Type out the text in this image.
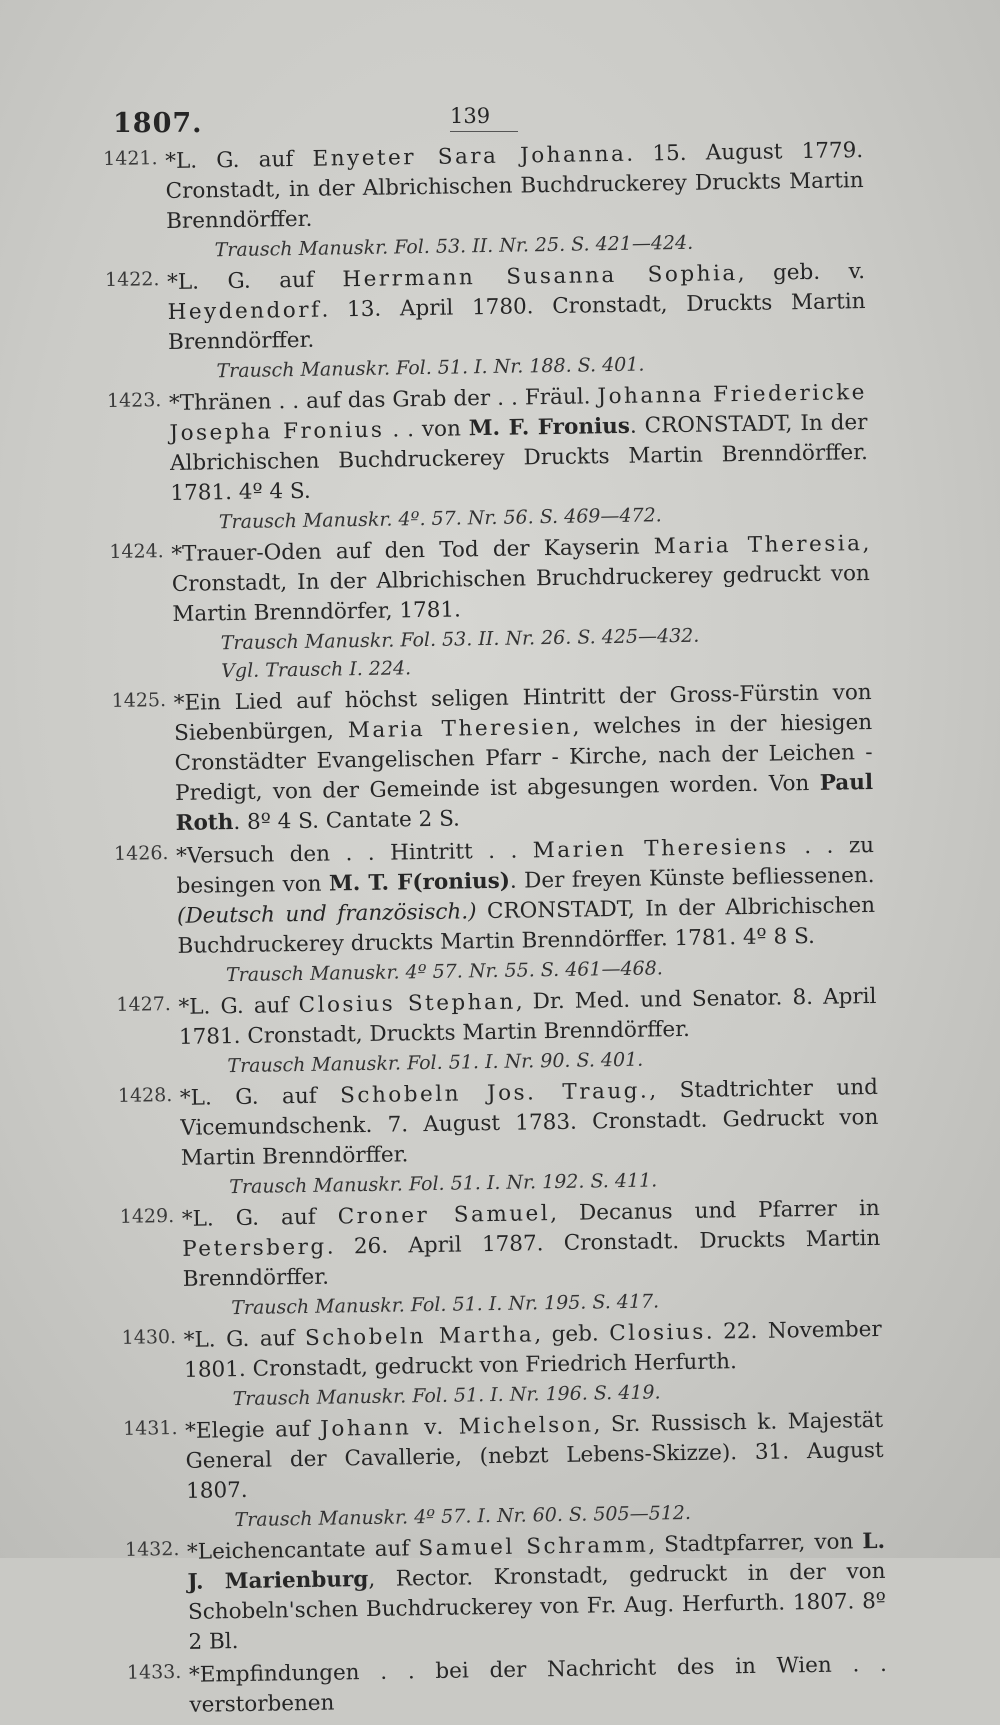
1807.	139
1421. *L. G. auf Enyeter Sara Johanna. 15. August 1779. Cronstadt, in der Albrichischen Buchdruckerey Druckts Martin Brenndörffer.
Trausch Manuskr. Fol. 53. II. Nr. 25. S. 421—424.
1422. *L. G. auf Herrmann Susanna Sophia, geb. v. Heydendorf. 13. April 1780. Cronstadt, Druckts Martin Brenndörffer.
Trausch Manuskr. Fol. 51. I. Nr. 188. S. 401.
1423. *Thränen . . auf das Grab der . . Fräul. Johanna Friedericke Josepha Fronius . . von M. F. Fronius. CRONSTADT, In der Albrichischen Buchdruckerey Druckts Martin Brenndörffer. 1781. 4º 4 S.
Trausch Manuskr. 4º. 57. Nr. 56. S. 469—472.
1424. *Trauer-Oden auf den Tod der Kayserin Maria Theresia, Cronstadt, In der Albrichischen Bruchdruckerey gedruckt von Martin Brenndörfer, 1781.
Trausch Manuskr. Fol. 53. II. Nr. 26. S. 425—432.
Vgl. Trausch I. 224.
1425. *Ein Lied auf höchst seligen Hintritt der Gross-Fürstin von Siebenbürgen, Maria Theresien, welches in der hiesigen Cronstädter Evangelischen Pfarr - Kirche, nach der Leichen - Predigt, von der Gemeinde ist abgesungen worden. Von Paul Roth. 8º 4 S. Cantate 2 S.
1426. *Versuch den . . Hintritt . . Marien Theresiens . . zu besingen von M. T. F(ronius). Der freyen Künste befliessenen. (Deutsch und französisch.) CRONSTADT, In der Albrichischen Buchdruckerey druckts Martin Brenndörffer. 1781. 4º 8 S.
Trausch Manuskr. 4º 57. Nr. 55. S. 461—468.
1427. *L. G. auf Closius Stephan, Dr. Med. und Senator. 8. April 1781. Cronstadt, Druckts Martin Brenndörffer.
Trausch Manuskr. Fol. 51. I. Nr. 90. S. 401.
1428. *L. G. auf Schobeln Jos. Traug., Stadtrichter und Vicemundschenk. 7. August 1783. Cronstadt. Gedruckt von Martin Brenndörffer.
Trausch Manuskr. Fol. 51. I. Nr. 192. S. 411.
1429. *L. G. auf Croner Samuel, Decanus und Pfarrer in Petersberg. 26. April 1787. Cronstadt. Druckts Martin Brenndörffer.
Trausch Manuskr. Fol. 51. I. Nr. 195. S. 417.
1430. *L. G. auf Schobeln Martha, geb. Closius. 22. November 1801. Cronstadt, gedruckt von Friedrich Herfurth.
Trausch Manuskr. Fol. 51. I. Nr. 196. S. 419.
1431. *Elegie auf Johann v. Michelson, Sr. Russisch k. Majestät General der Cavallerie, (nebzt Lebens-Skizze). 31. August 1807.
Trausch Manuskr. 4º 57. I. Nr. 60. S. 505—512.
1432. *Leichencantate auf Samuel Schramm, Stadtpfarrer, von L. J. Marienburg, Rector. Kronstadt, gedruckt in der von Schobeln'schen Buchdruckerey von Fr. Aug. Herfurth. 1807. 8º 2 Bl.
1433. *Empfindungen . . bei der Nachricht des in Wien . . verstorbenen
